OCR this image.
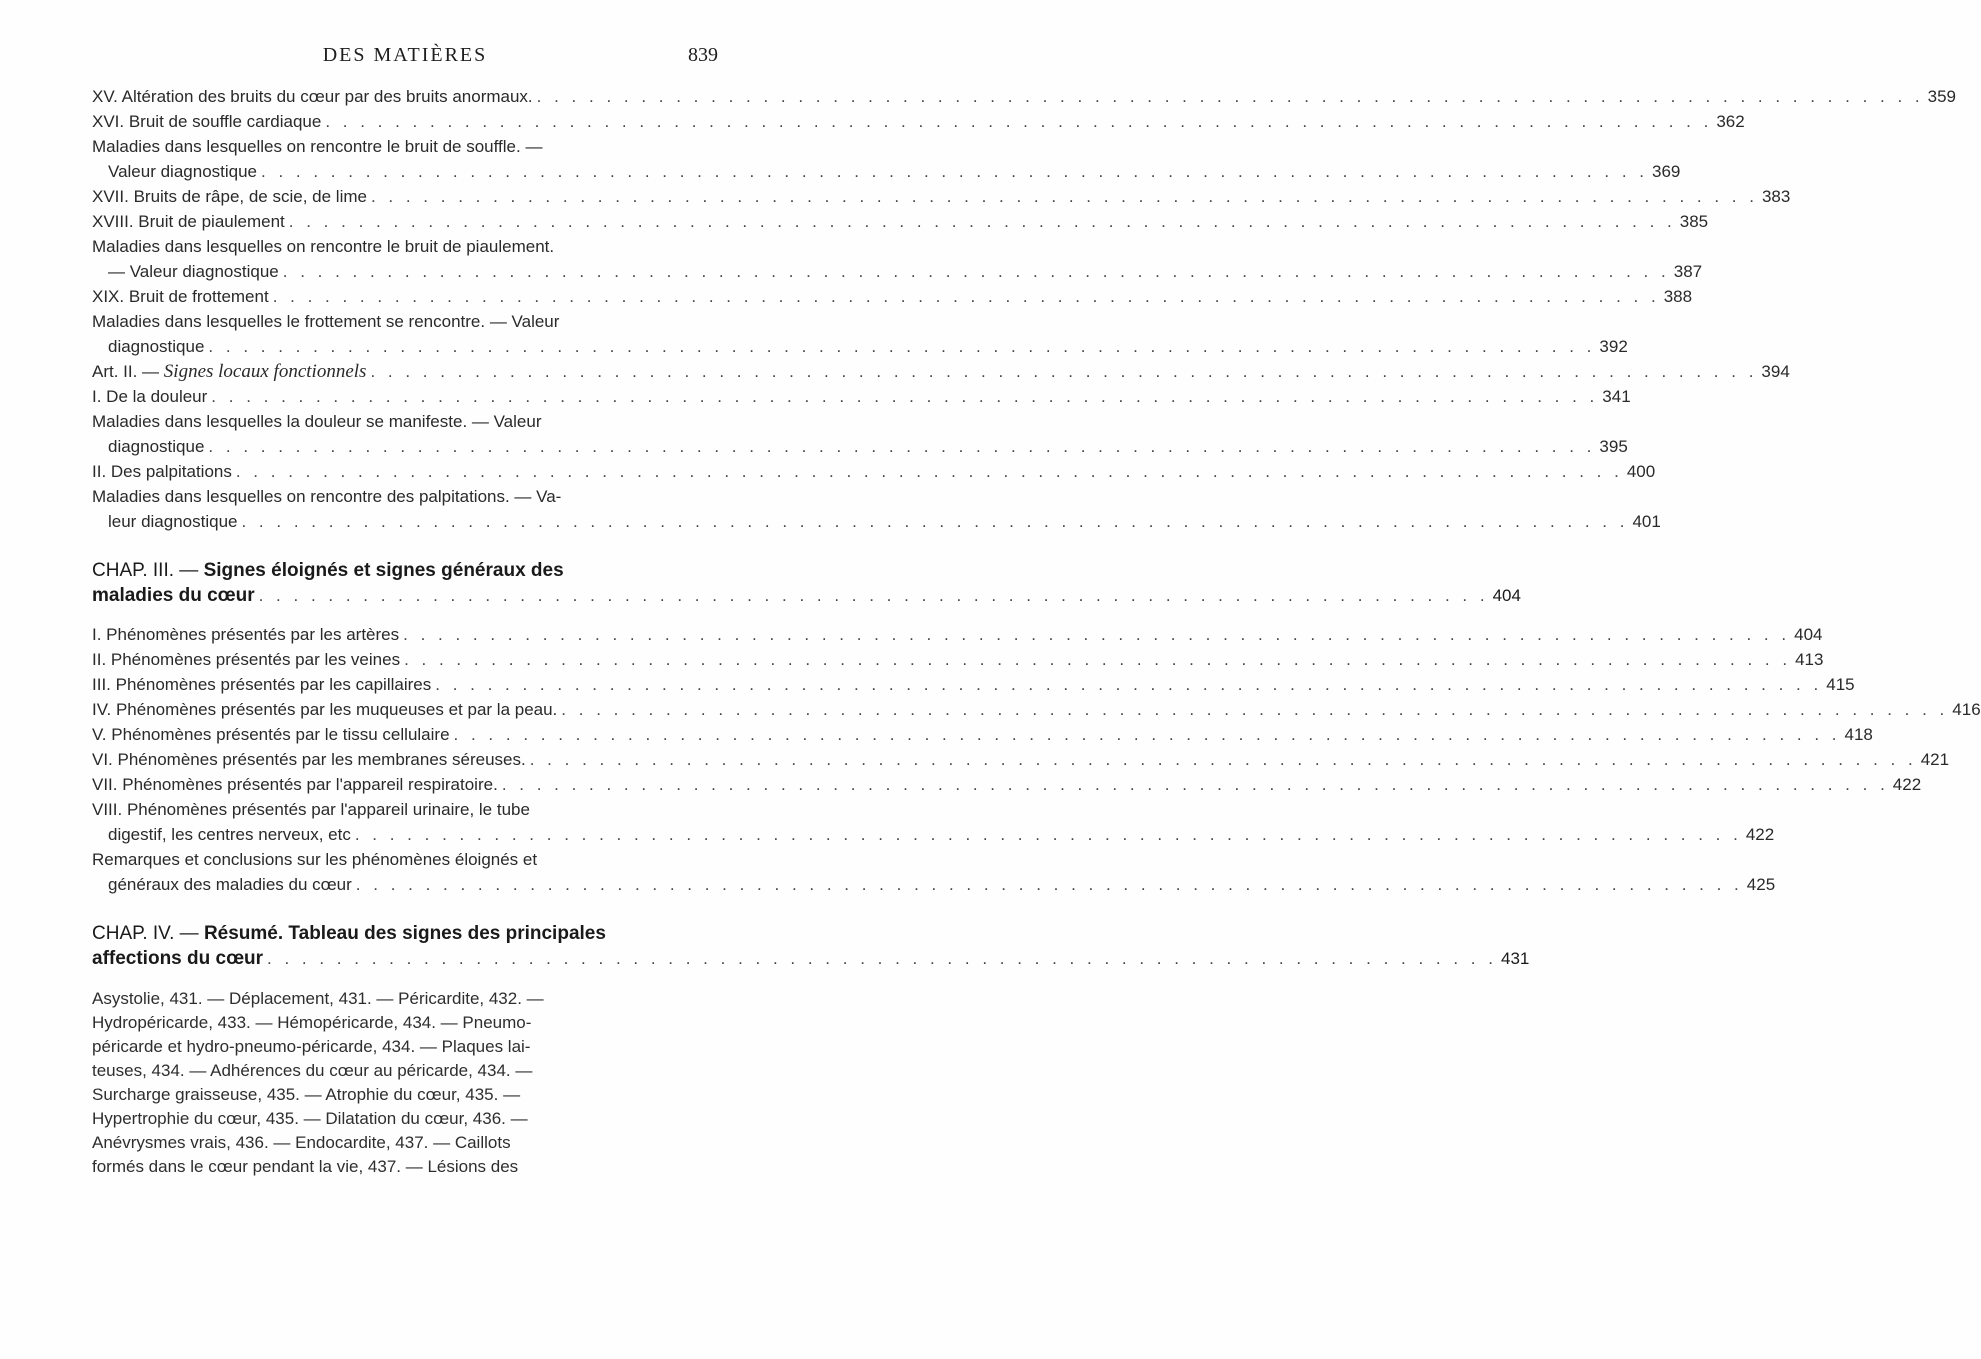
DES MATIÈRES	839
XV. Altération des bruits du cœur par des bruits anormaux. . . .	359
XVI. Bruit de souffle cardiaque . . .	362
Maladies dans lesquelles on rencontre le bruit de souffle. —
Valeur diagnostique . . .	369
XVII. Bruits de râpe, de scie, de lime . . .	383
XVIII. Bruit de piaulement . . .	385
Maladies dans lesquelles on rencontre le bruit de piaulement.
— Valeur diagnostique . . .	387
XIX. Bruit de frottement . . .	388
Maladies dans lesquelles le frottement se rencontre. — Valeur
diagnostique . . .	392
Art. II. — Signes locaux fonctionnels . . .	394
I. De la douleur . . .	341
Maladies dans lesquelles la douleur se manifeste. — Valeur
diagnostique . . .	395
II. Des palpitations . . .	400
Maladies dans lesquelles on rencontre des palpitations. — Va-
leur diagnostique . . .	401
CHAP. III. — Signes éloignés et signes généraux des
maladies du cœur . . .	404
I. Phénomènes présentés par les artères . . .	404
II. Phénomènes présentés par les veines . . .	413
III. Phénomènes présentés par les capillaires . . .	415
IV. Phénomènes présentés par les muqueuses et par la peau. . . .	416
V. Phénomènes présentés par le tissu cellulaire . . .	418
VI. Phénomènes présentés par les membranes séreuses. . . .	421
VII. Phénomènes présentés par l'appareil respiratoire. . . .	422
VIII. Phénomènes présentés par l'appareil urinaire, le tube
digestif, les centres nerveux, etc . . .	422
Remarques et conclusions sur les phénomènes éloignés et
généraux des maladies du cœur . . .	425
CHAP. IV. — Résumé. Tableau des signes des principales
affections du cœur . . .	431
Asystolie, 431. — Déplacement, 431. — Péricardite, 432. —
Hydropéricarde, 433. — Hémopéricarde, 434. — Pneumo-
péricarde et hydro-pneumo-péricarde, 434. — Plaques lai-
teuses, 434. — Adhérences du cœur au péricarde, 434. —
Surcharge graisseuse, 435. — Atrophie du cœur, 435. —
Hypertrophie du cœur, 435. — Dilatation du cœur, 436. —
Anévrysmes vrais, 436. — Endocardite, 437. — Caillots
formés dans le cœur pendant la vie, 437. — Lésions des
